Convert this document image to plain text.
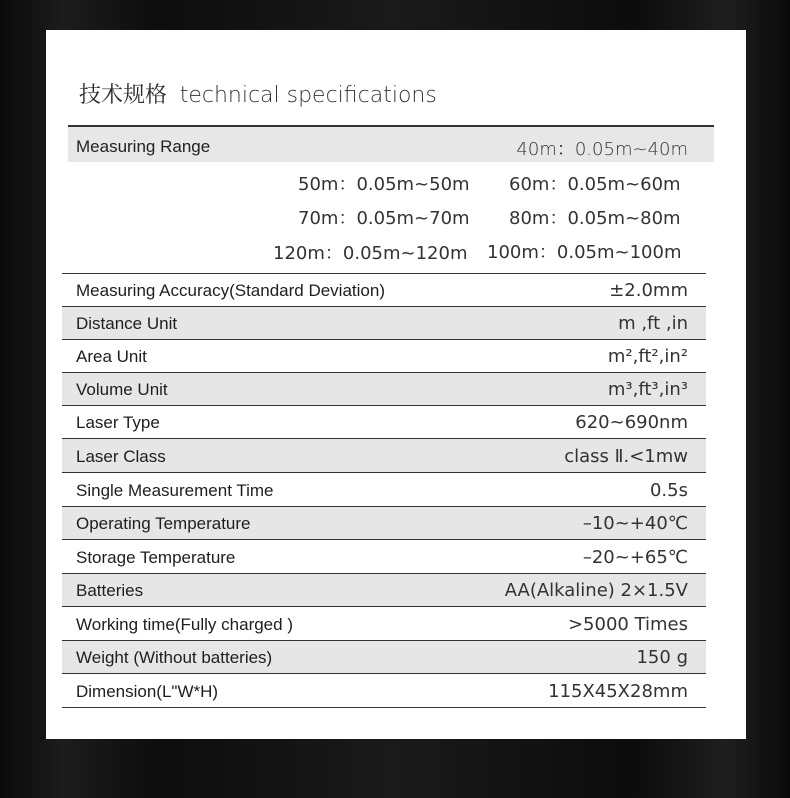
技术规格 technical specifications
Measuring Range	40m：0.05m~40m
50m：0.05m~50m 60m：0.05m~60m
70m：0.05m~70m 80m：0.05m~80m
120m：0.05m~120m 100m：0.05m~100m
Measuring Accuracy(Standard Deviation)	±2.0mm
Distance Unit	m ,ft ,in
Area Unit	m²,ft²,in²
Volume Unit	m³,ft³,in³
Laser Type	620~690nm
Laser Class	class Ⅱ.<1mw
Single Measurement Time	0.5s
Operating Temperature	–10~+40℃
Storage Temperature	–20~+65℃
Batteries	AA(Alkaline) 2×1.5V
Working time(Fully charged )	>5000 Times
Weight (Without batteries)	150 g
Dimension(L"W*H)	115X45X28mm
